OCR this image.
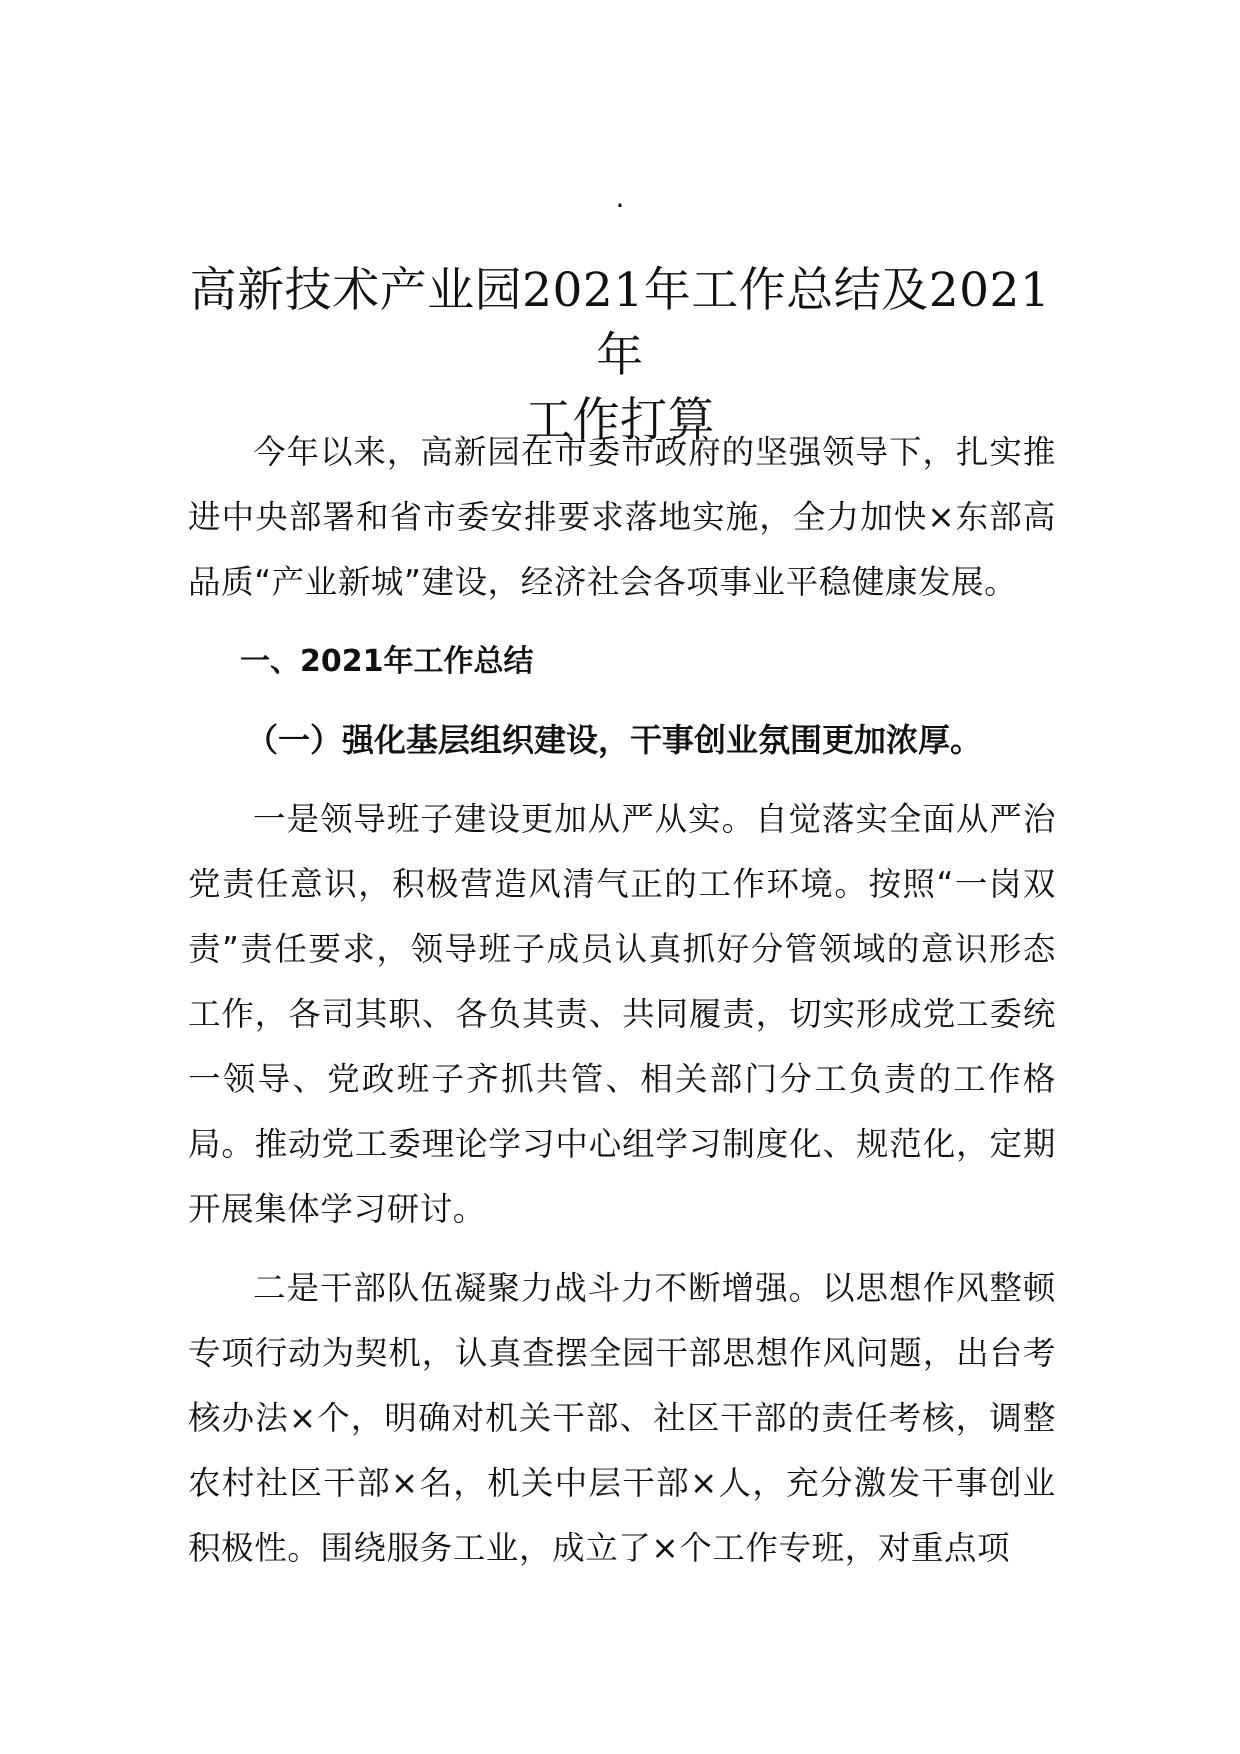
.

高新技术产业园2021年工作总结及2021年
工作打算

今年以来，高新园在市委市政府的坚强领导下，扎实推进中央部署和省市委安排要求落地实施，全力加快×东部高品质“产业新城”建设，经济社会各项事业平稳健康发展。

一、2021年工作总结

（一）强化基层组织建设，干事创业氛围更加浓厚。

一是领导班子建设更加从严从实。自觉落实全面从严治党责任意识，积极营造风清气正的工作环境。按照“一岗双责”责任要求，领导班子成员认真抓好分管领域的意识形态工作，各司其职、各负其责、共同履责，切实形成党工委统一领导、党政班子齐抓共管、相关部门分工负责的工作格局。推动党工委理论学习中心组学习制度化、规范化，定期开展集体学习研讨。

二是干部队伍凝聚力战斗力不断增强。以思想作风整顿专项行动为契机，认真查摆全园干部思想作风问题，出台考核办法×个，明确对机关干部、社区干部的责任考核，调整农村社区干部×名，机关中层干部×人，充分激发干事创业积极性。围绕服务工业，成立了×个工作专班，对重点项
